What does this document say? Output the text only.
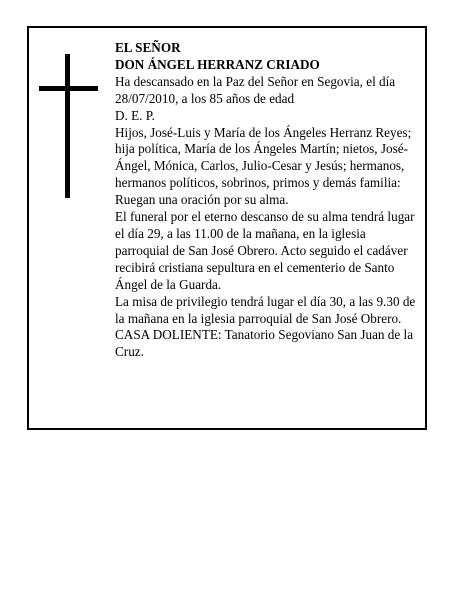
EL SEÑOR

DON ÁNGEL HERRANZ CRIADO

Ha descansado en la Paz del Señor en Segovia, el día 28/07/2010, a los 85 años de edad

D. E. P.

Hijos, José-Luis y María de los Ángeles Herranz Reyes; hija política, María de los Ángeles Martín; nietos, José-Ángel, Mónica, Carlos, Julio-Cesar y Jesús; hermanos, hermanos políticos, sobrinos, primos y demás familia:

Ruegan una oración por su alma.

El funeral por el eterno descanso de su alma tendrá lugar el día 29, a las 11.00 de la mañana, en la iglesia parroquial de San José Obrero. Acto seguido el cadáver recibirá cristiana sepultura en el cementerio de Santo Ángel de la Guarda.

La misa de privilegio tendrá lugar el día 30, a las 9.30 de la mañana en la iglesia parroquial de San José Obrero.

CASA DOLIENTE: Tanatorio Segoviano San Juan de la Cruz.
